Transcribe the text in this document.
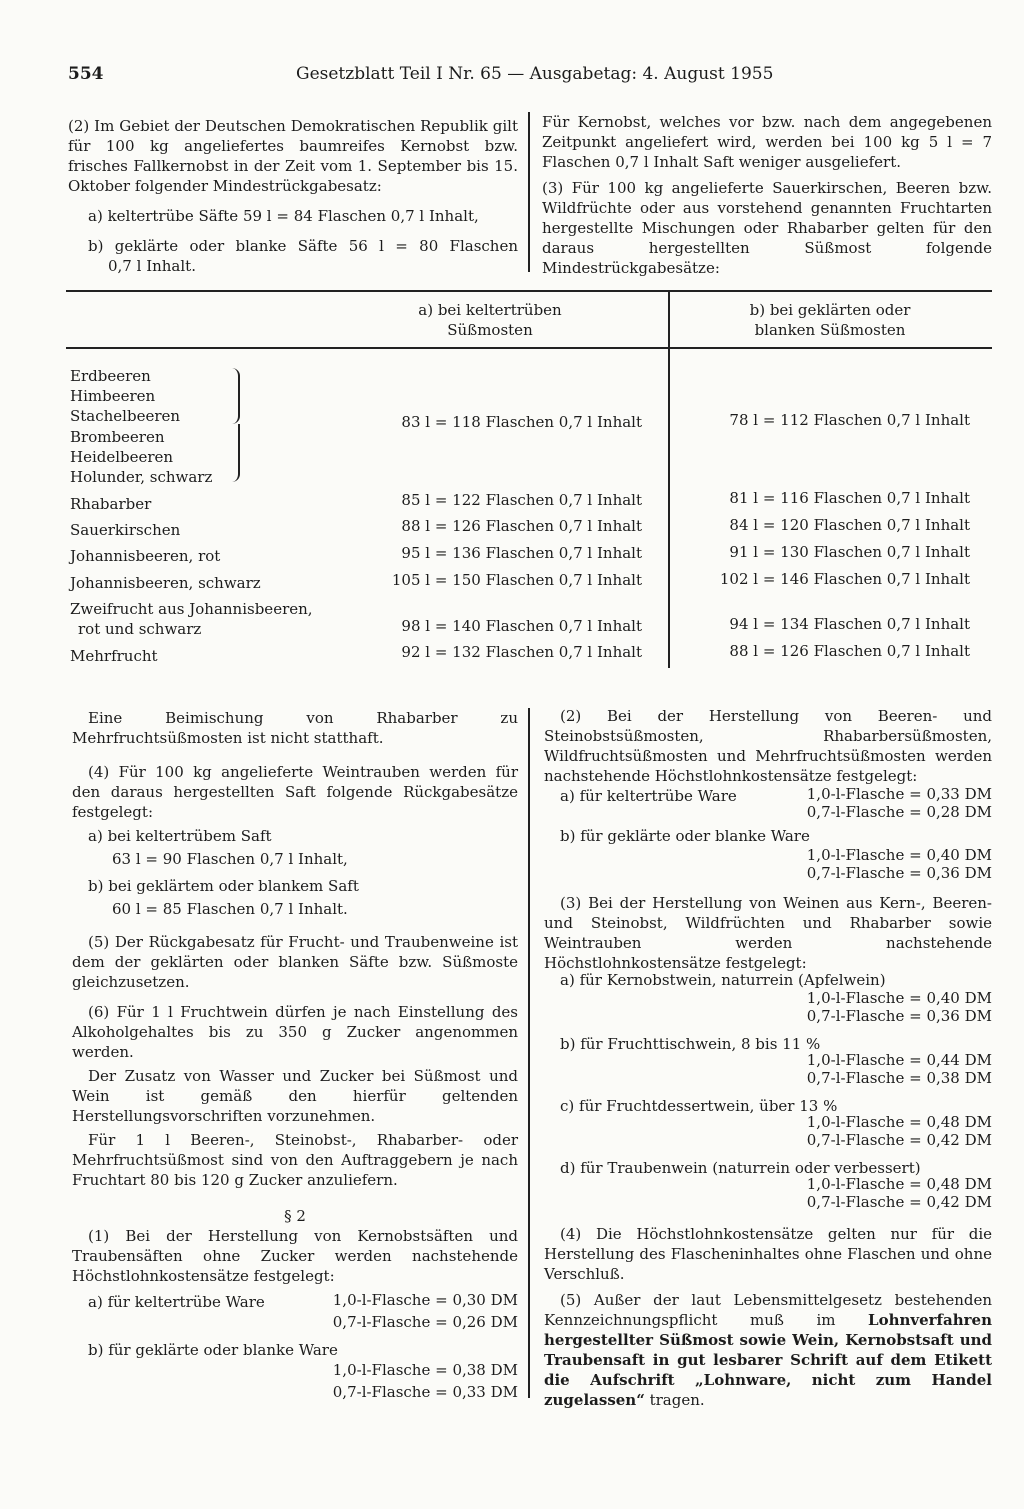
554	Gesetzblatt Teil I Nr. 65 — Ausgabetag: 4. August 1955
(2) Im Gebiet der Deutschen Demokratischen Republik gilt für 100 kg angeliefertes baumreifes Kernobst bzw. frisches Fallkernobst in der Zeit vom 1. September bis 15. Oktober folgender Mindestrückgabesatz:
a) keltertrübe Säfte 59 l = 84 Flaschen 0,7 l Inhalt,
b) geklärte oder blanke Säfte 56 l = 80 Flaschen
0,7 l Inhalt.
Für Kernobst, welches vor bzw. nach dem angegebenen Zeitpunkt angeliefert wird, werden bei 100 kg 5 l = 7 Flaschen 0,7 l Inhalt Saft weniger ausgeliefert.
(3) Für 100 kg angelieferte Sauerkirschen, Beeren bzw. Wildfrüchte oder aus vorstehend genannten Fruchtarten hergestellte Mischungen oder Rhabarber gelten für den daraus hergestellten Süßmost folgende Mindestrückgabesätze:
a) bei keltertrüben
Süßmosten
b) bei geklärten oder
blanken Süßmosten
Erdbeeren
Himbeeren
Stachelbeeren
Brombeeren
Heidelbeeren
Holunder, schwarz
83 l = 118 Flaschen 0,7 l Inhalt	78 l = 112 Flaschen 0,7 l Inhalt
Rhabarber	85 l = 122 Flaschen 0,7 l Inhalt	81 l = 116 Flaschen 0,7 l Inhalt
Sauerkirschen	88 l = 126 Flaschen 0,7 l Inhalt	84 l = 120 Flaschen 0,7 l Inhalt
Johannisbeeren, rot	95 l = 136 Flaschen 0,7 l Inhalt	91 l = 130 Flaschen 0,7 l Inhalt
Johannisbeeren, schwarz	105 l = 150 Flaschen 0,7 l Inhalt	102 l = 146 Flaschen 0,7 l Inhalt
Zweifrucht aus Johannisbeeren,
rot und schwarz	98 l = 140 Flaschen 0,7 l Inhalt	94 l = 134 Flaschen 0,7 l Inhalt
Mehrfrucht	92 l = 132 Flaschen 0,7 l Inhalt	88 l = 126 Flaschen 0,7 l Inhalt
Eine Beimischung von Rhabarber zu Mehrfruchtsüßmosten ist nicht statthaft.
(4) Für 100 kg angelieferte Weintrauben werden für den daraus hergestellten Saft folgende Rückgabesätze festgelegt:
a) bei keltertrübem Saft
63 l = 90 Flaschen 0,7 l Inhalt,
b) bei geklärtem oder blankem Saft
60 l = 85 Flaschen 0,7 l Inhalt.
(5) Der Rückgabesatz für Frucht- und Traubenweine ist dem der geklärten oder blanken Säfte bzw. Süßmoste gleichzusetzen.
(6) Für 1 l Fruchtwein dürfen je nach Einstellung des Alkoholgehaltes bis zu 350 g Zucker angenommen werden.
Der Zusatz von Wasser und Zucker bei Süßmost und Wein ist gemäß den hierfür geltenden Herstellungsvorschriften vorzunehmen.
Für 1 l Beeren-, Steinobst-, Rhabarber- oder Mehrfruchtsüßmost sind von den Auftraggebern je nach Fruchtart 80 bis 120 g Zucker anzuliefern.
§ 2
(1) Bei der Herstellung von Kernobstsäften und Traubensäften ohne Zucker werden nachstehende Höchstlohnkostensätze festgelegt:
a) für keltertrübe Ware	1,0-l-Flasche = 0,30 DM
0,7-l-Flasche = 0,26 DM
b) für geklärte oder blanke Ware
1,0-l-Flasche = 0,38 DM
0,7-l-Flasche = 0,33 DM
(2) Bei der Herstellung von Beeren- und Steinobstsüßmosten, Rhabarbersüßmosten, Wildfruchtsüßmosten und Mehrfruchtsüßmosten werden nachstehende Höchstlohnkostensätze festgelegt:
a) für keltertrübe Ware	1,0-l-Flasche = 0,33 DM
0,7-l-Flasche = 0,28 DM
b) für geklärte oder blanke Ware
1,0-l-Flasche = 0,40 DM
0,7-l-Flasche = 0,36 DM
(3) Bei der Herstellung von Weinen aus Kern-, Beeren- und Steinobst, Wildfrüchten und Rhabarber sowie Weintrauben werden nachstehende Höchstlohnkostensätze festgelegt:
a) für Kernobstwein, naturrein (Apfelwein)
1,0-l-Flasche = 0,40 DM
0,7-l-Flasche = 0,36 DM
b) für Fruchttischwein, 8 bis 11 %
1,0-l-Flasche = 0,44 DM
0,7-l-Flasche = 0,38 DM
c) für Fruchtdessertwein, über 13 %
1,0-l-Flasche = 0,48 DM
0,7-l-Flasche = 0,42 DM
d) für Traubenwein (naturrein oder verbessert)
1,0-l-Flasche = 0,48 DM
0,7-l-Flasche = 0,42 DM
(4) Die Höchstlohnkostensätze gelten nur für die Herstellung des Flascheninhaltes ohne Flaschen und ohne Verschluß.
(5) Außer der laut Lebensmittelgesetz bestehenden Kennzeichnungspflicht muß im Lohnverfahren hergestellter Süßmost sowie Wein, Kernobstsaft und Traubensaft in gut lesbarer Schrift auf dem Etikett die Aufschrift „Lohnware, nicht zum Handel zugelassen“ tragen.
